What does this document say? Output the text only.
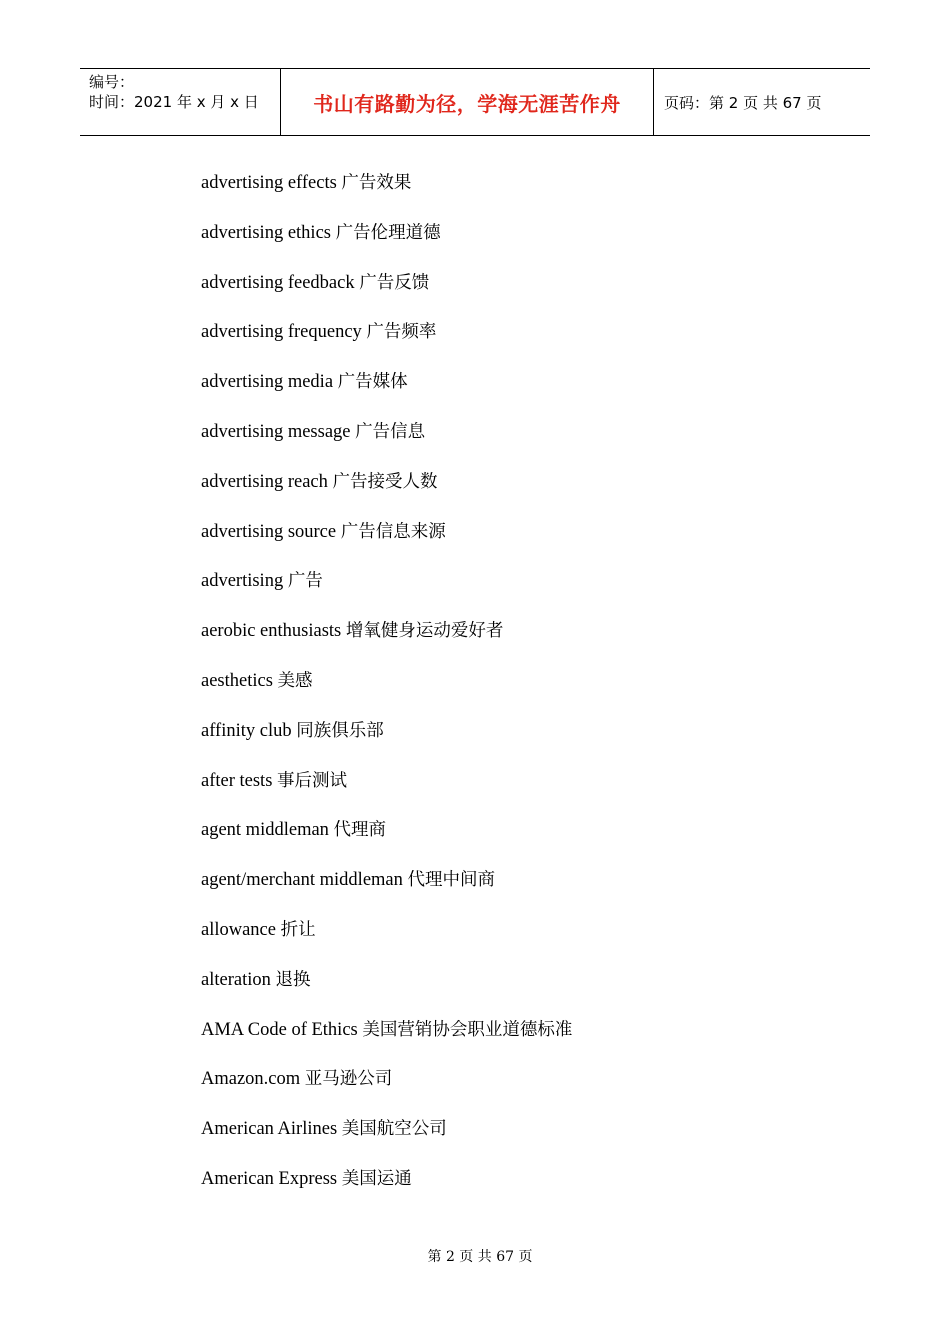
编号：
时间：2021 年 x 月 x 日	书山有路勤为径，学海无涯苦作舟	页码：第 2 页 共 67 页
advertising effects 广告效果
advertising ethics 广告伦理道德
advertising feedback 广告反馈
advertising frequency 广告频率
advertising media 广告媒体
advertising message 广告信息
advertising reach 广告接受人数
advertising source 广告信息来源
advertising 广告
aerobic enthusiasts 增氧健身运动爱好者
aesthetics 美感
affinity club 同族俱乐部
after tests 事后测试
agent middleman 代理商
agent/merchant middleman 代理中间商
allowance 折让
alteration 退换
AMA Code of Ethics 美国营销协会职业道德标准
Amazon.com 亚马逊公司
American Airlines 美国航空公司
American Express 美国运通
第 2 页 共 67 页
